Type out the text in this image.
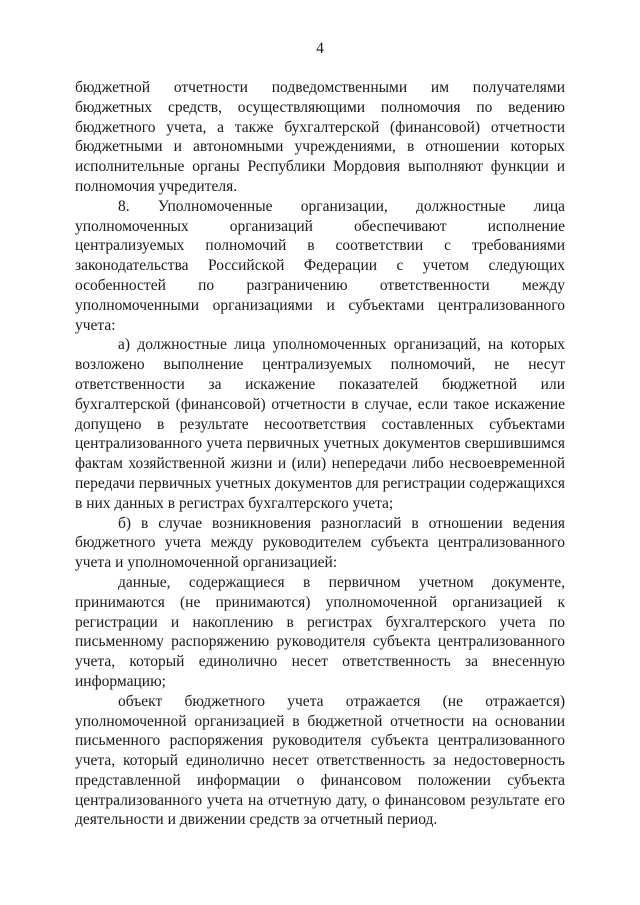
4

бюджетной отчетности подведомственными им получателями бюджетных средств, осуществляющими полномочия по ведению бюджетного учета, а также бухгалтерской (финансовой) отчетности бюджетными и автономными учреждениями, в отношении которых исполнительные органы Республики Мордовия выполняют функции и полномочия учредителя.

8. Уполномоченные организации, должностные лица уполномоченных организаций обеспечивают исполнение централизуемых полномочий в соответствии с требованиями законодательства Российской Федерации с учетом следующих особенностей по разграничению ответственности между уполномоченными организациями и субъектами централизованного учета:

а) должностные лица уполномоченных организаций, на которых возложено выполнение централизуемых полномочий, не несут ответственности за искажение показателей бюджетной или бухгалтерской (финансовой) отчетности в случае, если такое искажение допущено в результате несоответствия составленных субъектами централизованного учета первичных учетных документов свершившимся фактам хозяйственной жизни и (или) непередачи либо несвоевременной передачи первичных учетных документов для регистрации содержащихся в них данных в регистрах бухгалтерского учета;

б) в случае возникновения разногласий в отношении ведения бюджетного учета между руководителем субъекта централизованного учета и уполномоченной организацией:

данные, содержащиеся в первичном учетном документе, принимаются (не принимаются) уполномоченной организацией к регистрации и накоплению в регистрах бухгалтерского учета по письменному распоряжению руководителя субъекта централизованного учета, который единолично несет ответственность за внесенную информацию;

объект бюджетного учета отражается (не отражается) уполномоченной организацией в бюджетной отчетности на основании письменного распоряжения руководителя субъекта централизованного учета, который единолично несет ответственность за недостоверность представленной информации о финансовом положении субъекта централизованного учета на отчетную дату, о финансовом результате его деятельности и движении средств за отчетный период.
